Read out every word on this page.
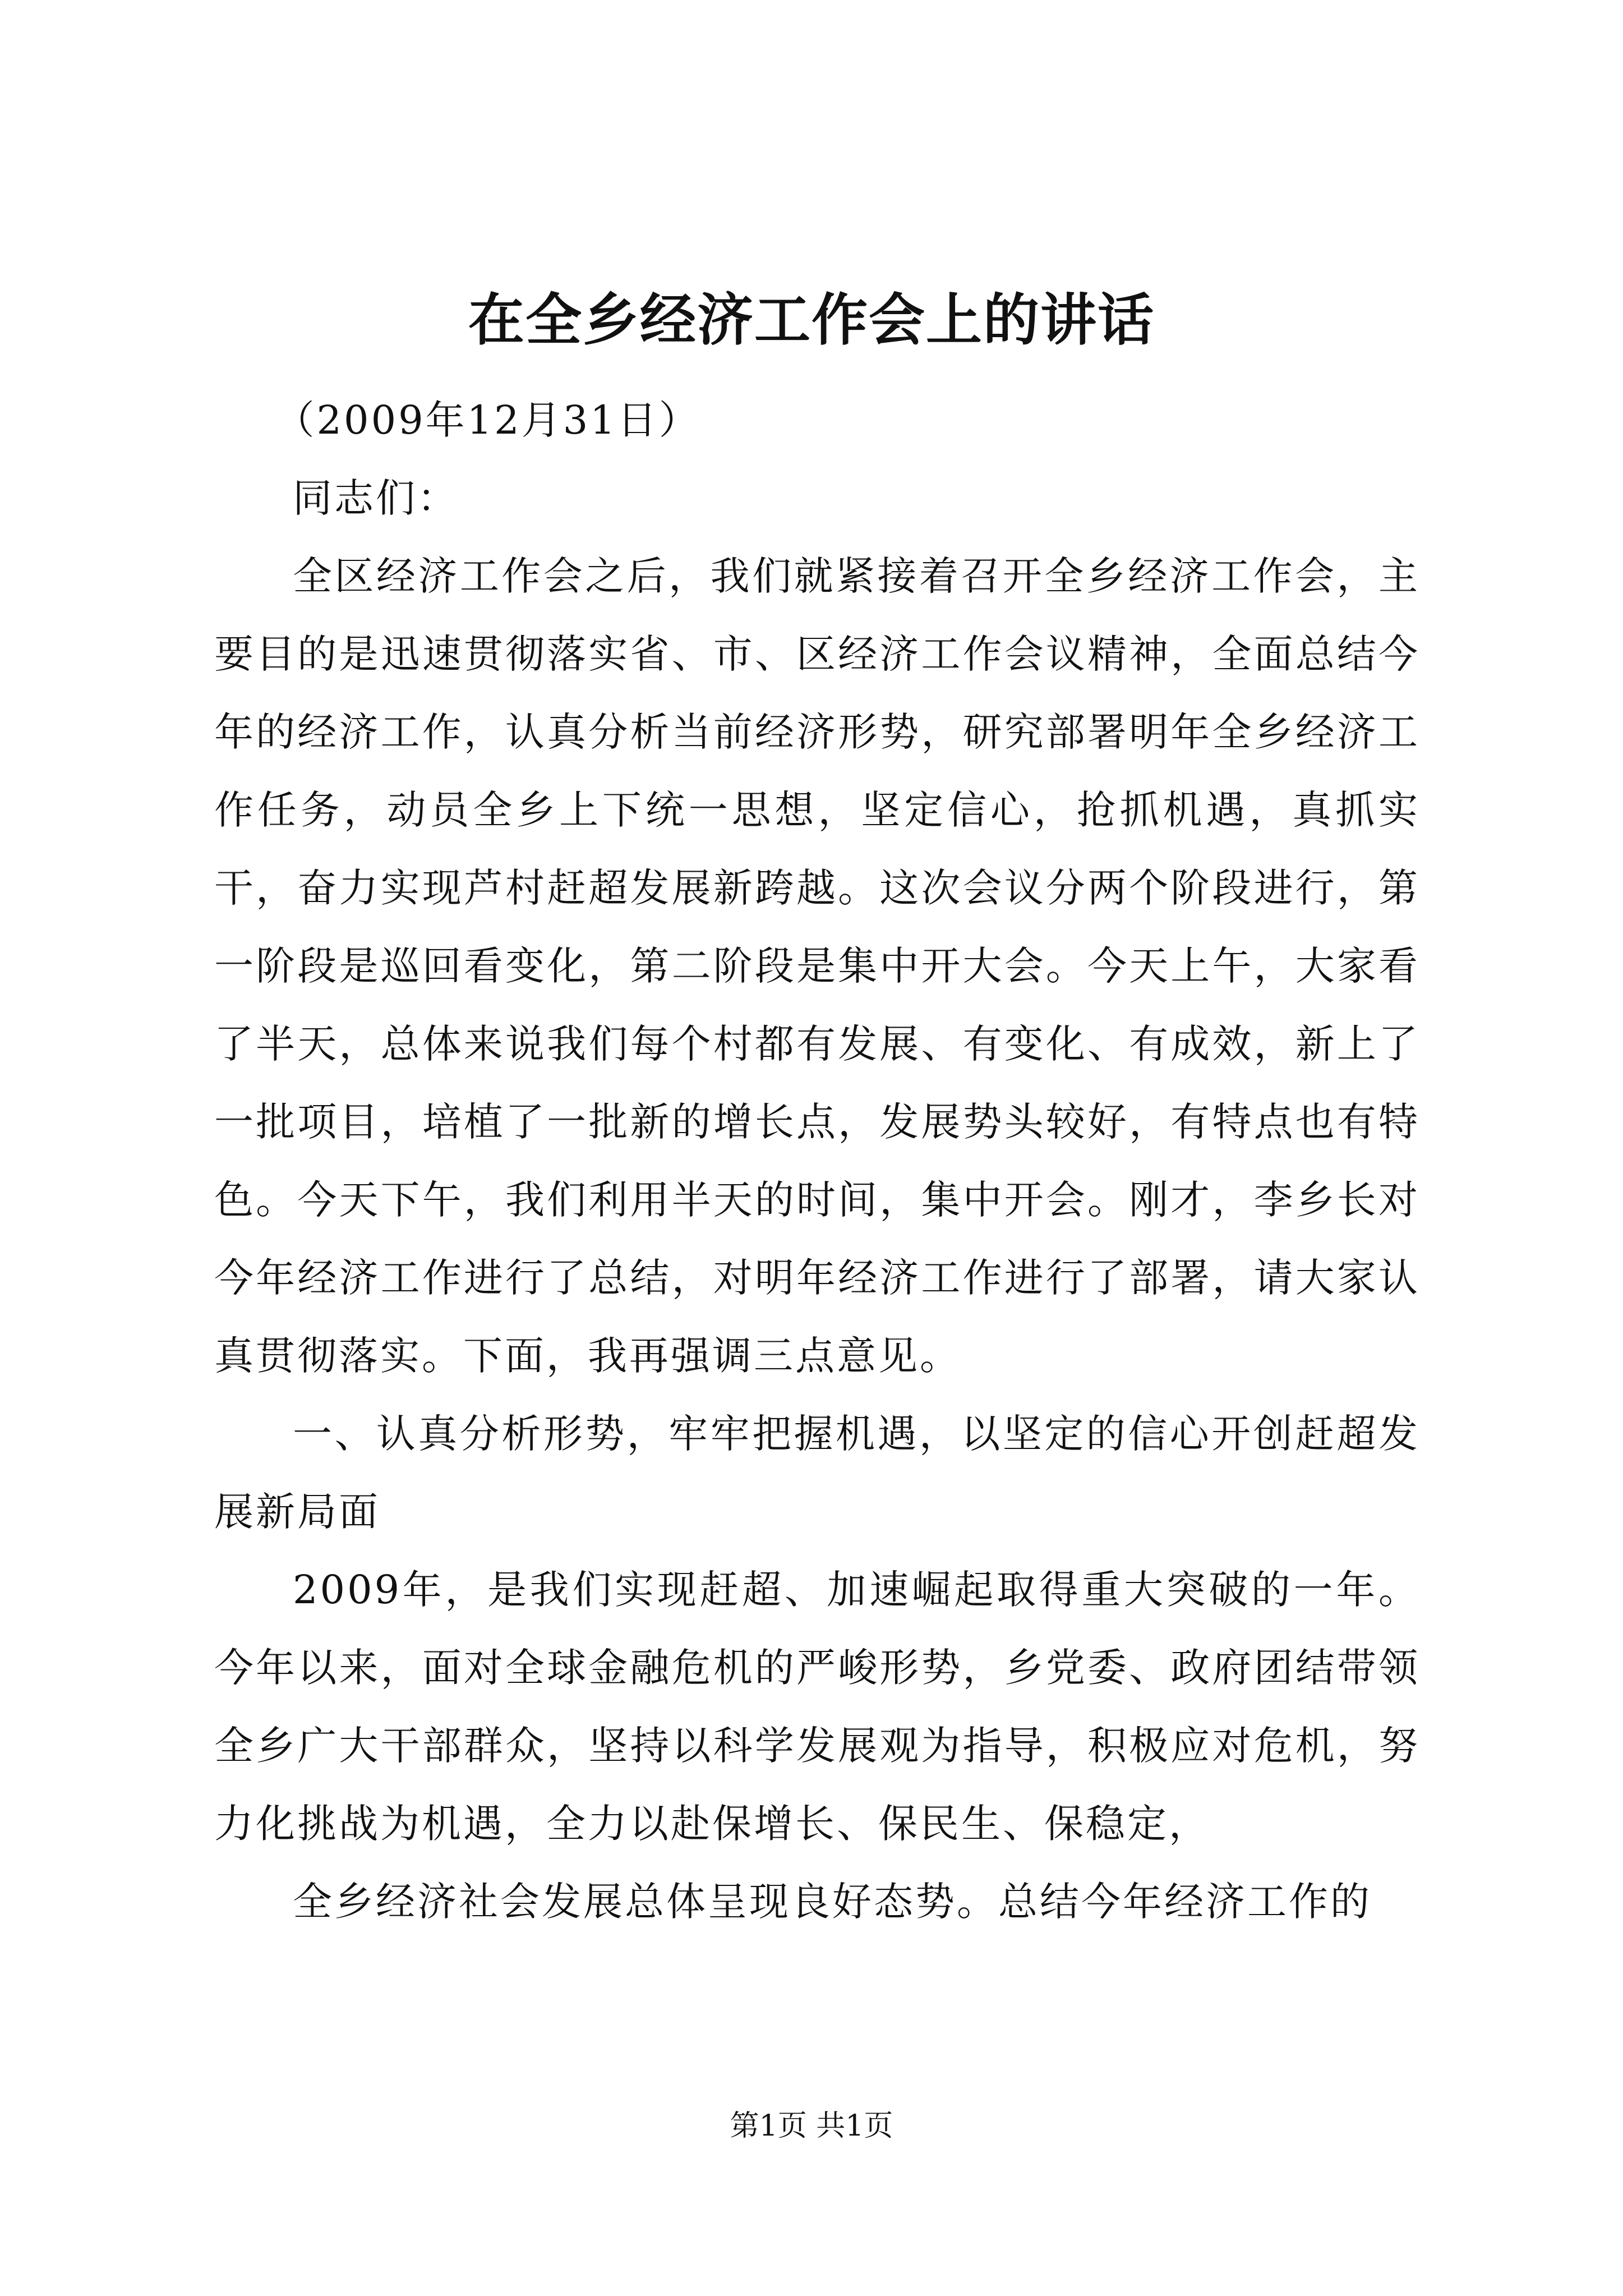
在全乡经济工作会上的讲话

（2009年12月31日）

同志们：

全区经济工作会之后，我们就紧接着召开全乡经济工作会，主要目的是迅速贯彻落实省、市、区经济工作会议精神，全面总结今年的经济工作，认真分析当前经济形势，研究部署明年全乡经济工作任务，动员全乡上下统一思想，坚定信心，抢抓机遇，真抓实干，奋力实现芦村赶超发展新跨越。这次会议分两个阶段进行，第一阶段是巡回看变化，第二阶段是集中开大会。今天上午，大家看了半天，总体来说我们每个村都有发展、有变化、有成效，新上了一批项目，培植了一批新的增长点，发展势头较好，有特点也有特色。今天下午，我们利用半天的时间，集中开会。刚才，李乡长对今年经济工作进行了总结，对明年经济工作进行了部署，请大家认真贯彻落实。下面，我再强调三点意见。

一、认真分析形势，牢牢把握机遇，以坚定的信心开创赶超发展新局面

2009年，是我们实现赶超、加速崛起取得重大突破的一年。今年以来，面对全球金融危机的严峻形势，乡党委、政府团结带领全乡广大干部群众，坚持以科学发展观为指导，积极应对危机，努力化挑战为机遇，全力以赴保增长、保民生、保稳定，

全乡经济社会发展总体呈现良好态势。总结今年经济工作的

第1页 共1页
